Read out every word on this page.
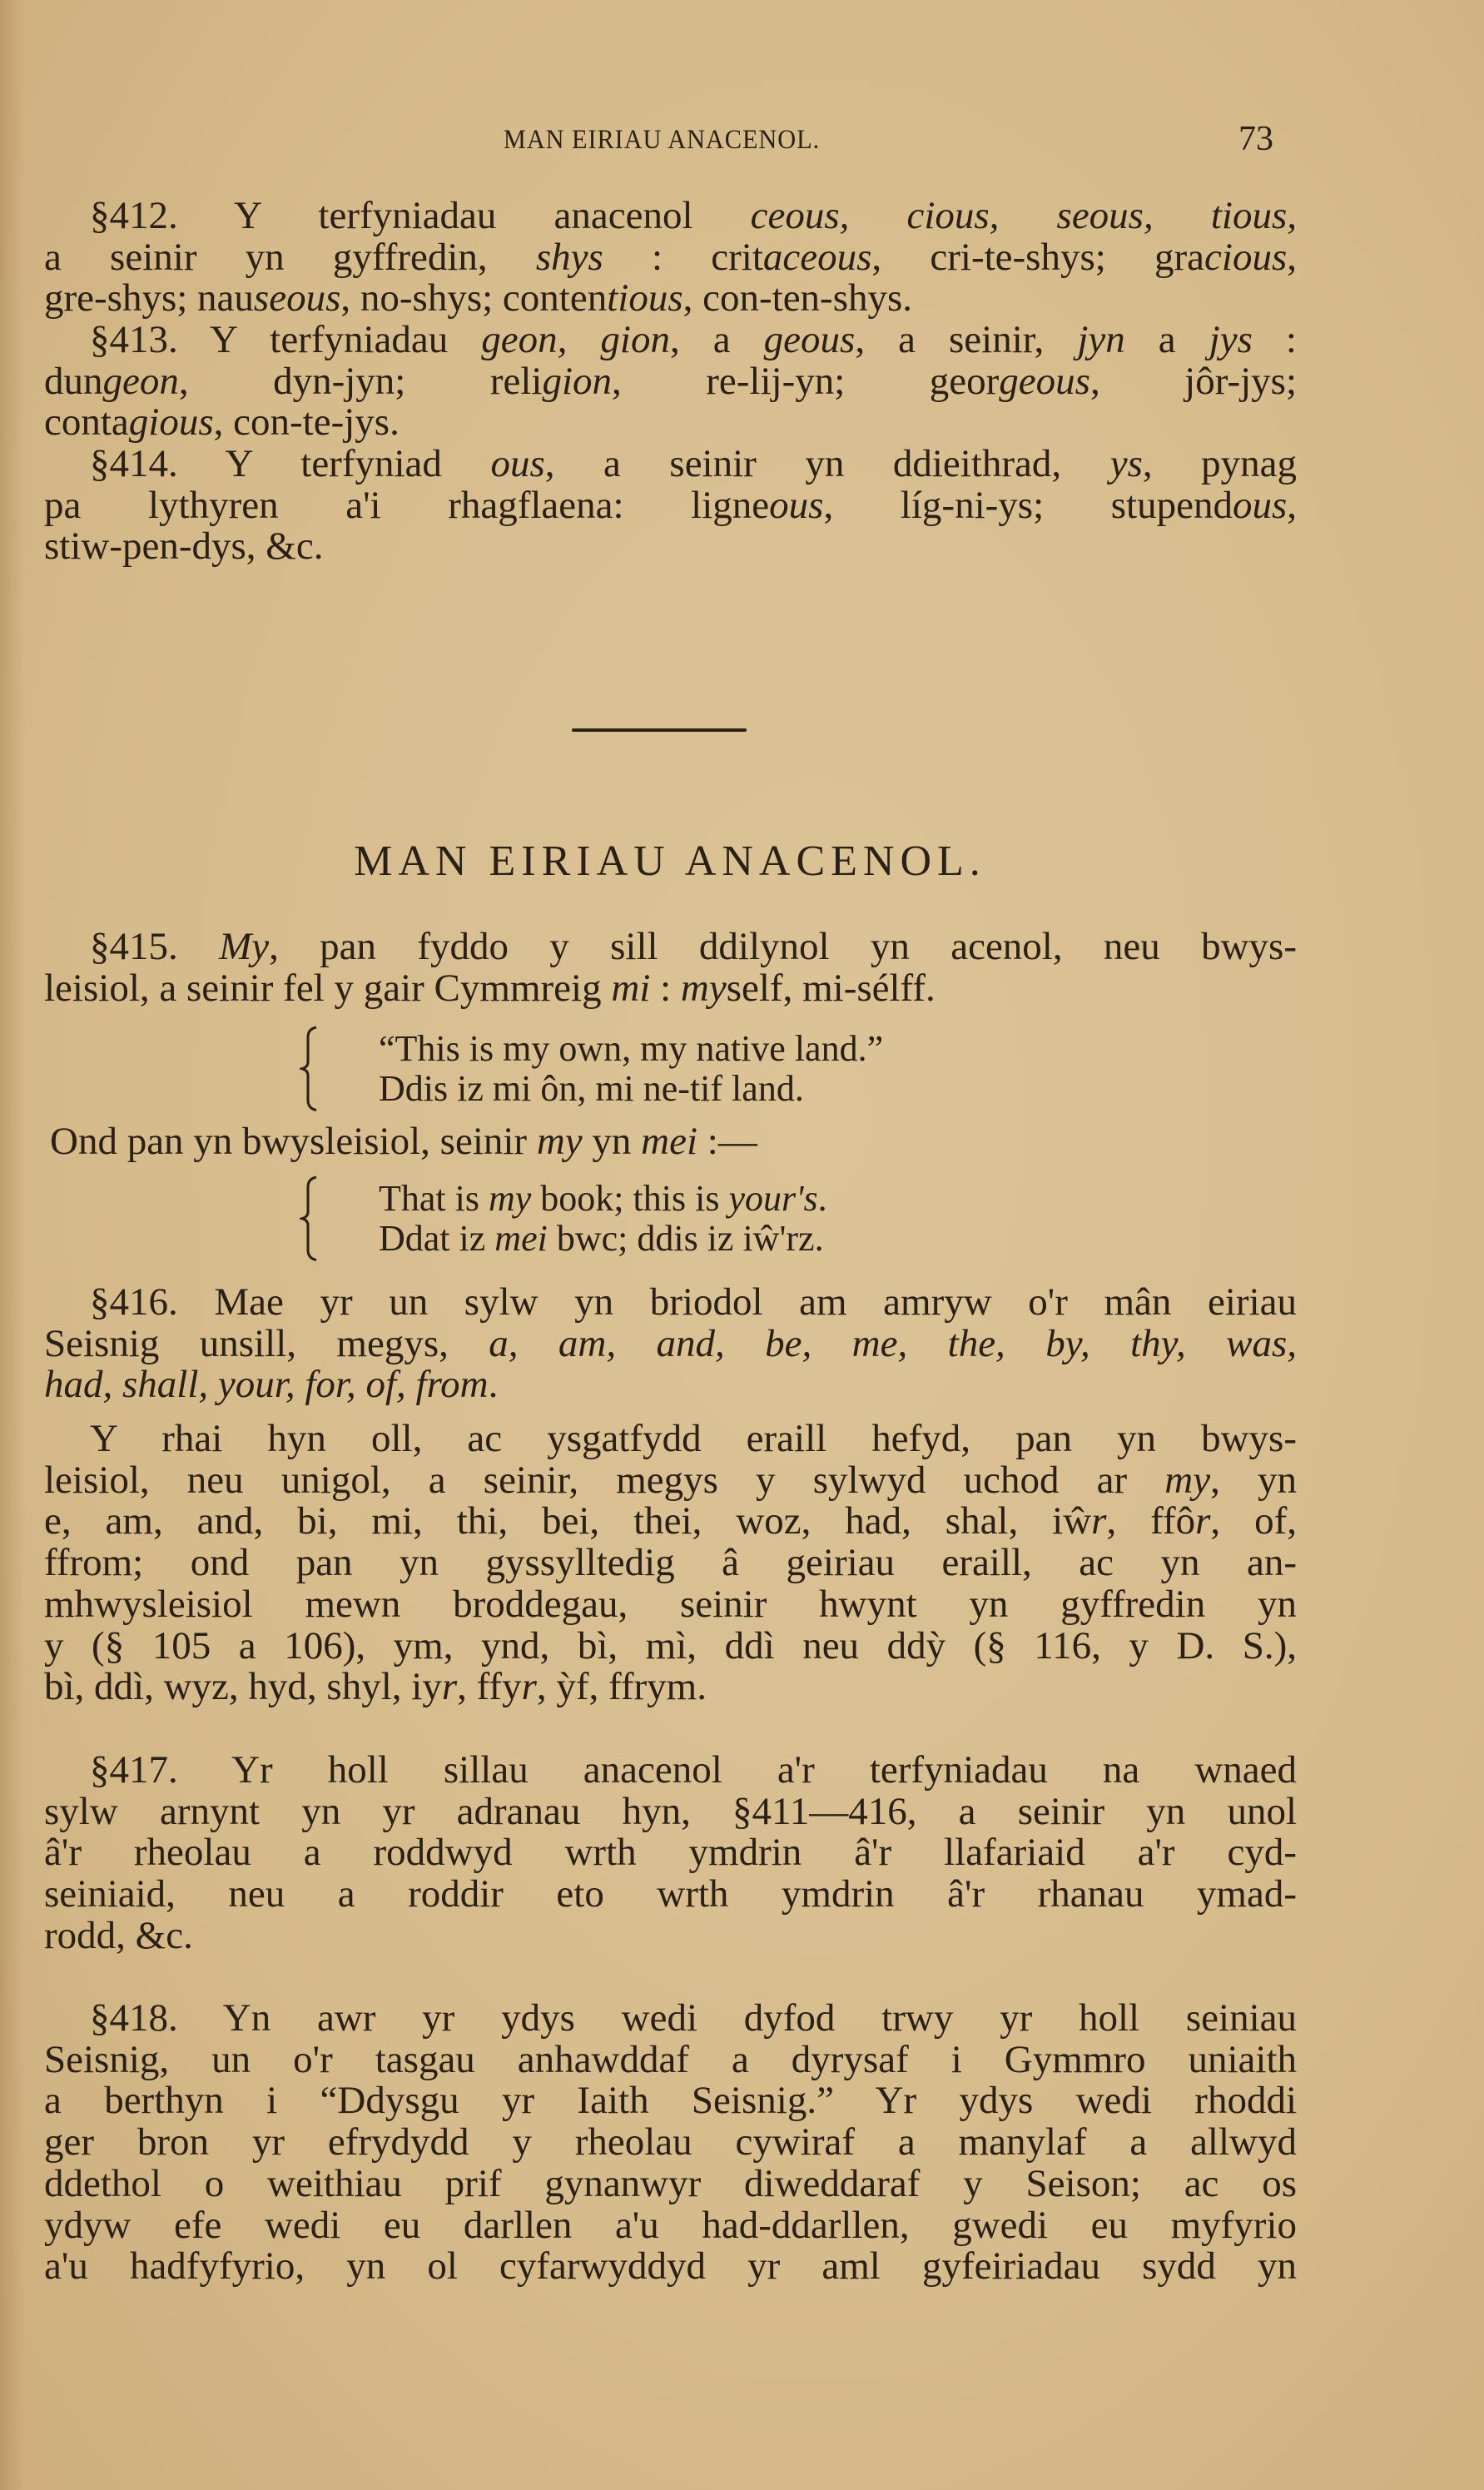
MAN EIRIAU ANACENOL.	73
MAN EIRIAU ANACENOL.
§412. Y terfyniadau anacenol ceous, cious, seous, tious,
a seinir yn gyffredin, shys : critaceous, cri-te-shys; gracious,
gre-shys; nauseous, no-shys; contentious, con-ten-shys.
§413. Y terfyniadau geon, gion, a geous, a seinir, jyn a jys :
dungeon, dyn-jyn; religion, re-lij-yn; georgeous, jôr-jys;
contagious, con-te-jys.
§414. Y terfyniad ous, a seinir yn ddieithrad, ys, pynag
pa lythyren a'i rhagflaena: ligneous, líg-ni-ys; stupendous,
stiw-pen-dys, &c.
§415. My, pan fyddo y sill ddilynol yn acenol, neu bwys-
leisiol, a seinir fel y gair Cymmreig mi : myself, mi-sélff.
“This is my own, my native land.”
Ddis iz mi ôn, mi ne-tif land.
Ond pan yn bwysleisiol, seinir my yn mei :—
That is my book; this is your's.
Ddat iz mei bwc; ddis iz iŵ'rz.
§416. Mae yr un sylw yn briodol am amryw o'r mân eiriau
Seisnig unsill, megys, a, am, and, be, me, the, by, thy, was,
had, shall, your, for, of, from.
Y rhai hyn oll, ac ysgatfydd eraill hefyd, pan yn bwys-
leisiol, neu unigol, a seinir, megys y sylwyd uchod ar my, yn
e, am, and, bi, mi, thi, bei, thei, woz, had, shal, iŵr, ffôr, of,
ffrom; ond pan yn gyssylltedig â geiriau eraill, ac yn an-
mhwysleisiol mewn broddegau, seinir hwynt yn gyffredin yn
y (§ 105 a 106), ym, ynd, bì, mì, ddì neu ddỳ (§ 116, y D. S.),
bì, ddì, wyz, hyd, shyl, iyr, ffyr, ỳf, ffrym.
§417. Yr holl sillau anacenol a'r terfyniadau na wnaed
sylw arnynt yn yr adranau hyn, §411—416, a seinir yn unol
â'r rheolau a roddwyd wrth ymdrin â'r llafariaid a'r cyd-
seiniaid, neu a roddir eto wrth ymdrin â'r rhanau ymad-
rodd, &c.
§418. Yn awr yr ydys wedi dyfod trwy yr holl seiniau
Seisnig, un o'r tasgau anhawddaf a dyrysaf i Gymmro uniaith
a berthyn i “Ddysgu yr Iaith Seisnig.” Yr ydys wedi rhoddi
ger bron yr efrydydd y rheolau cywiraf a manylaf a allwyd
ddethol o weithiau prif gynanwyr diweddaraf y Seison; ac os
ydyw efe wedi eu darllen a'u had-ddarllen, gwedi eu myfyrio
a'u hadfyfyrio, yn ol cyfarwyddyd yr aml gyfeiriadau sydd yn
